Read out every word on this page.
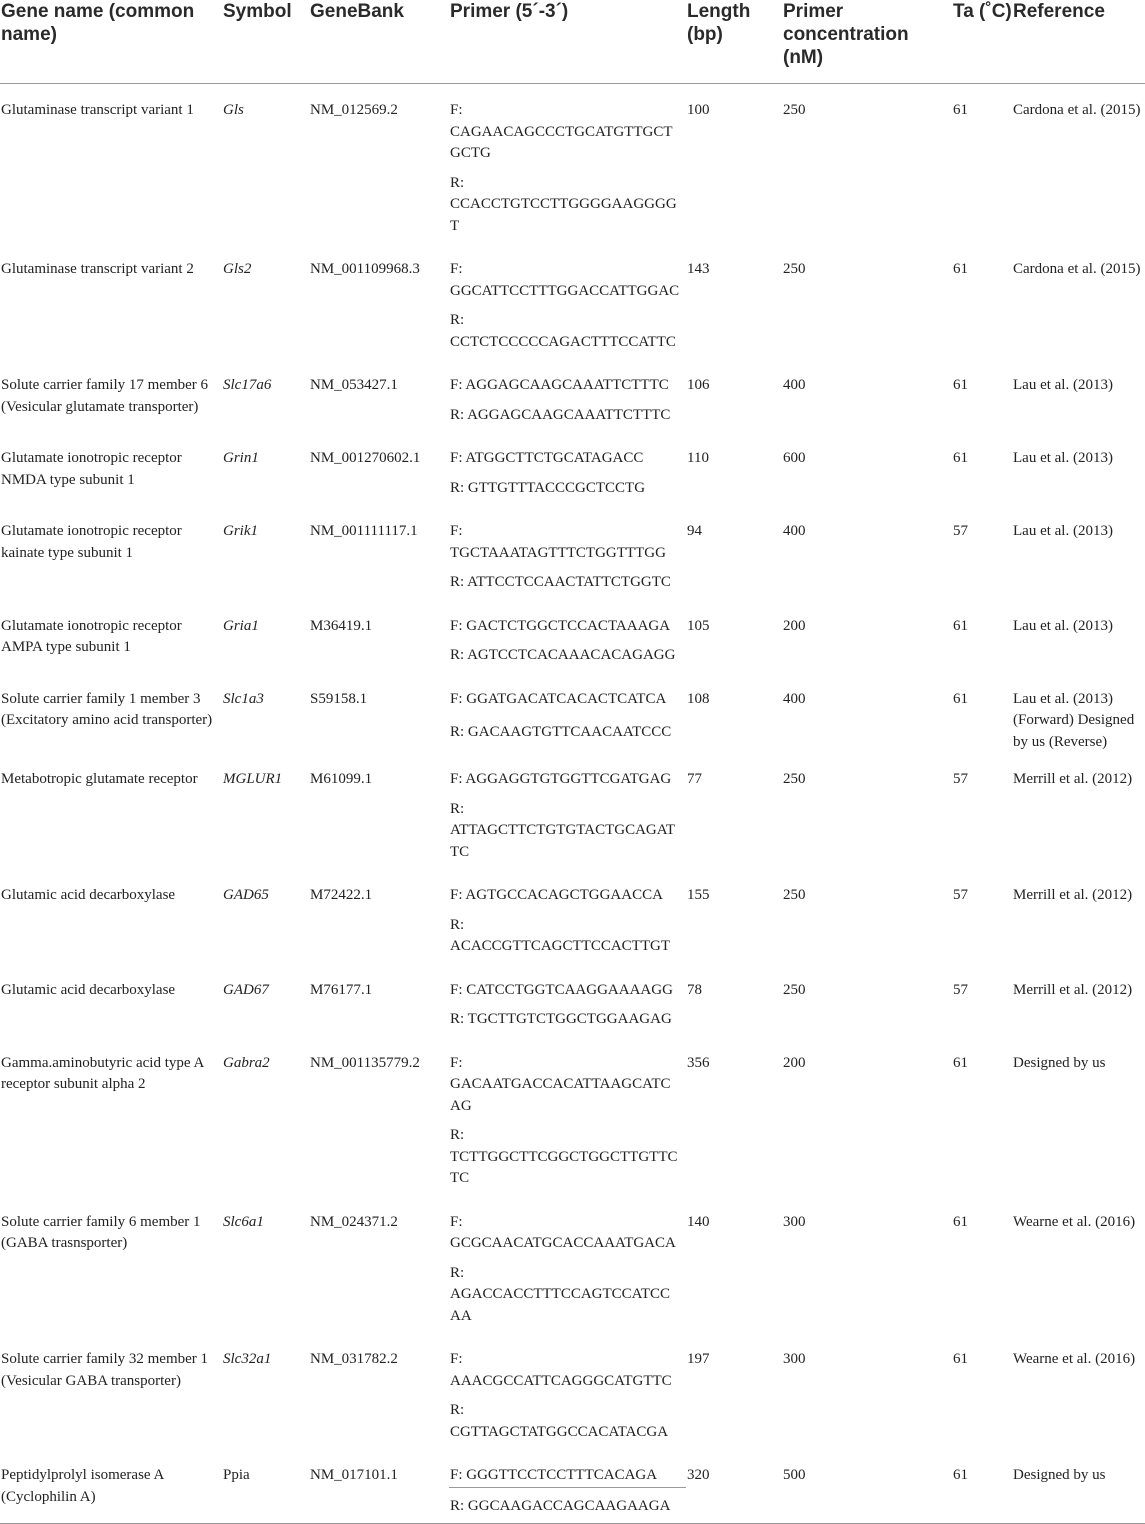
Gene name (common name)	Symbol	GeneBank	Primer (5´-3´)	Length (bp)	Primer concentration (nM)	Ta (˚C)	Reference
Glutaminase transcript variant 1	Gls	NM_012569.2	F: CAGAACAGCCCTGCATGTTGCTGCTG	100	250	61	Cardona et al. (2015)
			R: CCACCTGTCCTTGGGGAAGGGGT				
Glutaminase transcript variant 2	Gls2	NM_001109968.3	F: GGCATTCCTTTGGACCATTGGAC	143	250	61	Cardona et al. (2015)
			R: CCTCTCCCCCAGACTTTCCATTC				
Solute carrier family 17 member 6 (Vesicular glutamate transporter)	Slc17a6	NM_053427.1	F: AGGAGCAAGCAAATTCTTTC	106	400	61	Lau et al. (2013)
			R: AGGAGCAAGCAAATTCTTTC				
Glutamate ionotropic receptor NMDA type subunit 1	Grin1	NM_001270602.1	F: ATGGCTTCTGCATAGACC	110	600	61	Lau et al. (2013)
			R: GTTGTTTACCCGCTCCTG				
Glutamate ionotropic receptor kainate type subunit 1	Grik1	NM_001111117.1	F: TGCTAAATAGTTTCTGGTTTGG	94	400	57	Lau et al. (2013)
			R: ATTCCTCCAACTATTCTGGTC				
Glutamate ionotropic receptor AMPA type subunit 1	Gria1	M36419.1	F: GACTCTGGCTCCACTAAAGA	105	200	61	Lau et al. (2013)
			R: AGTCCTCACAAACACAGAGG				
Solute carrier family 1 member 3 (Excitatory amino acid transporter)	Slc1a3	S59158.1	F: GGATGACATCACACTCATCA	108	400	61	Lau et al. (2013) (Forward) Designed by us (Reverse)
			R: GACAAGTGTTCAACAATCCC				
Metabotropic glutamate receptor	MGLUR1	M61099.1	F: AGGAGGTGTGGTTCGATGAG	77	250	57	Merrill et al. (2012)
			R: ATTAGCTTCTGTGTACTGCAGATTC				
Glutamic acid decarboxylase	GAD65	M72422.1	F: AGTGCCACAGCTGGAACCA	155	250	57	Merrill et al. (2012)
			R: ACACCGTTCAGCTTCCACTTGT				
Glutamic acid decarboxylase	GAD67	M76177.1	F: CATCCTGGTCAAGGAAAAGG	78	250	57	Merrill et al. (2012)
			R: TGCTTGTCTGGCTGGAAGAG				
Gamma.aminobutyric acid type A receptor subunit alpha 2	Gabra2	NM_001135779.2	F: GACAATGACCACATTAAGCATCAG	356	200	61	Designed by us
			R: TCTTGGCTTCGGCTGGCTTGTTCTC				
Solute carrier family 6 member 1 (GABA trasnsporter)	Slc6a1	NM_024371.2	F: GCGCAACATGCACCAAATGACA	140	300	61	Wearne et al. (2016)
			R: AGACCACCTTTCCAGTCCATCCAA				
Solute carrier family 32 member 1 (Vesicular GABA transporter)	Slc32a1	NM_031782.2	F: AAACGCCATTCAGGGCATGTTC	197	300	61	Wearne et al. (2016)
			R: CGTTAGCTATGGCCACATACGA				
Peptidylprolyl isomerase A (Cyclophilin A)	Ppia	NM_017101.1	F: GGGTTCCTCCTTTCACAGA	320	500	61	Designed by us
			R: GGCAAGACCAGCAAGAAGA				
